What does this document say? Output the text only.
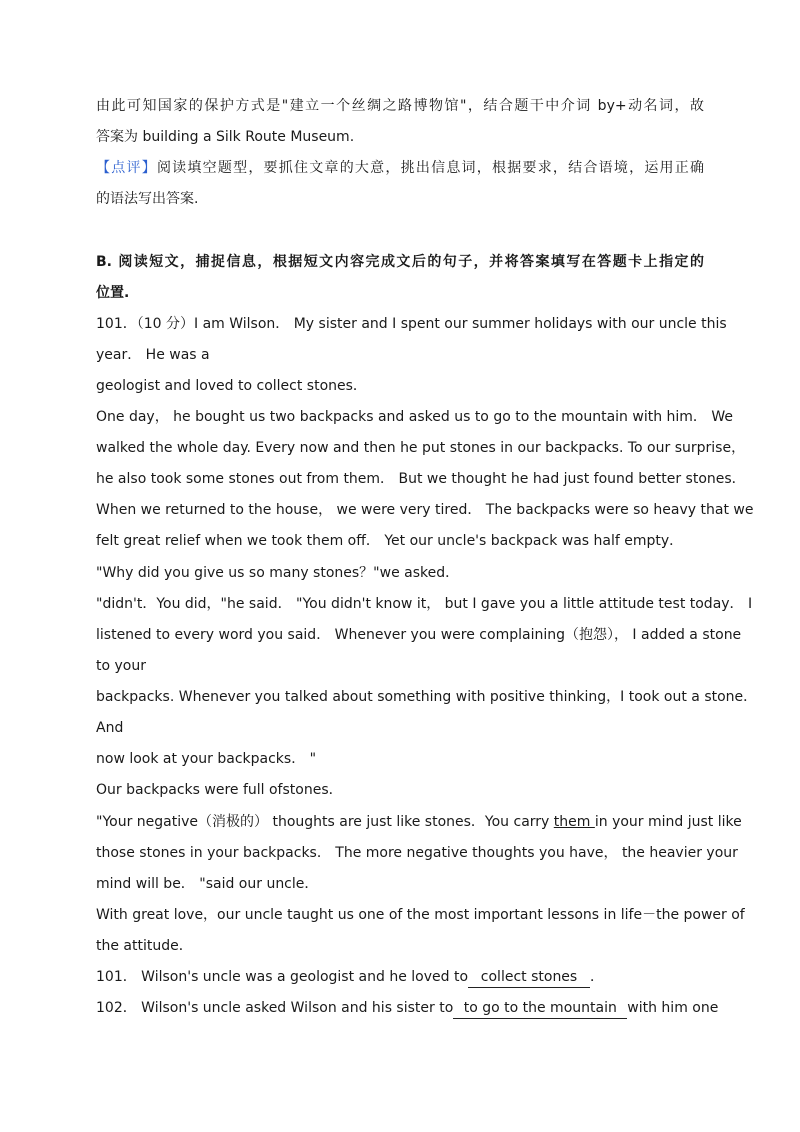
由此可知国家的保护方式是"建立一个丝绸之路博物馆"，结合题干中介词 by+动名词，故
答案为 building a Silk Route Museum.
【点评】阅读填空题型，要抓住文章的大意，挑出信息词，根据要求，结合语境，运用正确
的语法写出答案.
B. 阅读短文，捕捉信息，根据短文内容完成文后的句子，并将答案填写在答题卡上指定的
位置.
101．（10 分）I am Wilson． My sister and I spent our summer holidays with our uncle this
year． He was a
geologist and loved to collect stones．
One day， he bought us two backpacks and asked us to go to the mountain with him． We
walked the whole day. Every now and then he put stones in our backpacks. To our surprise，
he also took some stones out from them． But we thought he had just found better stones．
When we returned to the house， we were very tired． The backpacks were so heavy that we
felt great relief when we took them off． Yet our uncle's backpack was half empty．
"Why did you give us so many stones？"we asked．
"didn't．You did，"he said． "You didn't know it， but I gave you a little attitude test today． I
listened to every word you said． Whenever you were complaining（抱怨）， I added a stone
to your
backpacks. Whenever you talked about something with positive thinking，I took out a stone．
And
now look at your backpacks． "
Our backpacks were full ofstones．
"Your negative（消极的） thoughts are just like stones．You carry them in your mind just like
those stones in your backpacks． The more negative thoughts you have， the heavier your
mind will be． "said our uncle．
With great love，our uncle taught us one of the most important lessons in life－the power of
the attitude．
101． Wilson's uncle was a geologist and he loved to collect stones ．
102． Wilson's uncle asked Wilson and his sister to to go to the mountain with him one
